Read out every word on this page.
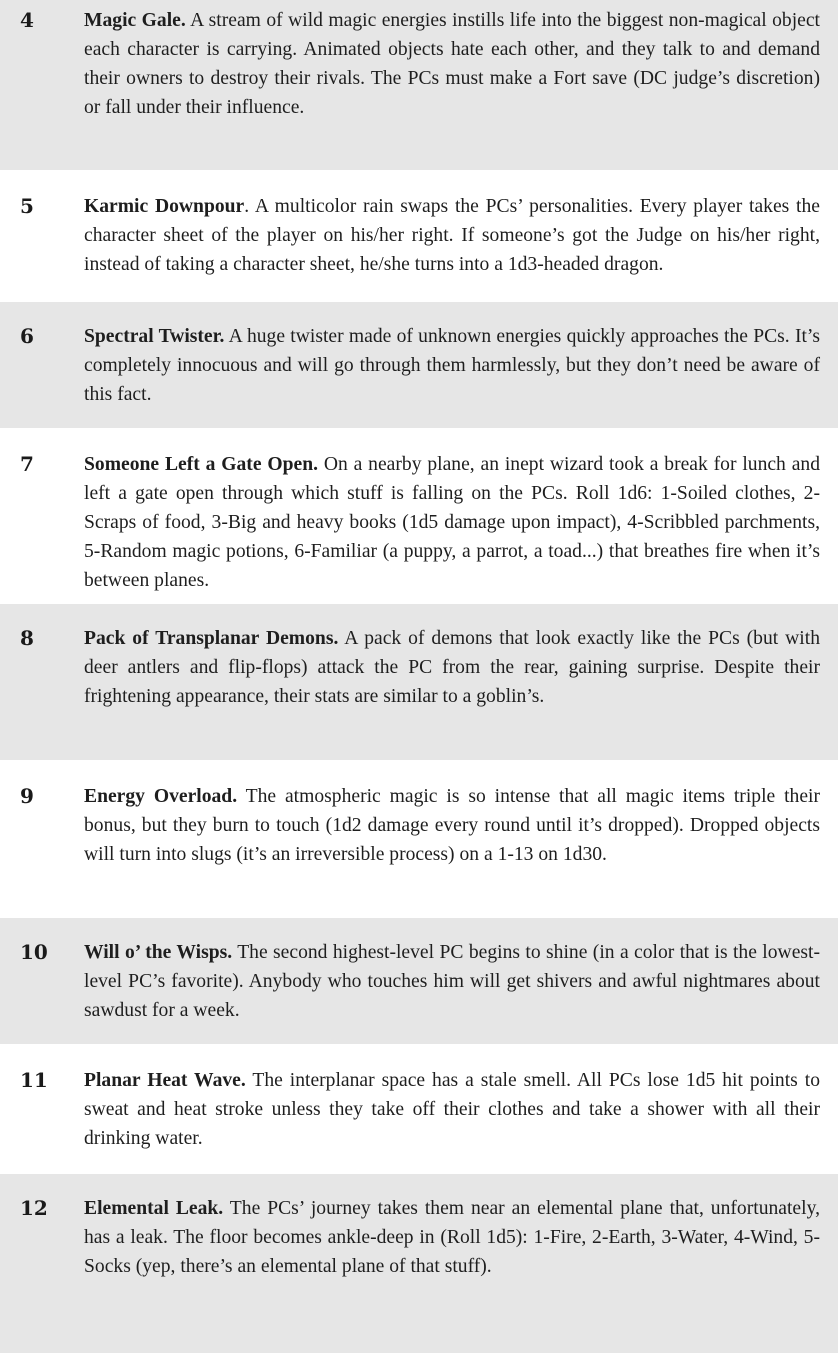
4	Magic Gale. A stream of wild magic energies instills life into the biggest non-magical object each character is carrying. Animated objects hate each other, and they talk to and demand their owners to destroy their rivals. The PCs must make a Fort save (DC judge’s discretion) or fall under their influence.
5	Karmic Downpour. A multicolor rain swaps the PCs’ personalities. Every player takes the character sheet of the player on his/her right. If someone’s got the Judge on his/her right, instead of taking a character sheet, he/she turns into a 1d3-headed dragon.
6	Spectral Twister. A huge twister made of unknown energies quickly approaches the PCs. It’s completely innocuous and will go through them harmlessly, but they don’t need be aware of this fact.
7	Someone Left a Gate Open. On a nearby plane, an inept wizard took a break for lunch and left a gate open through which stuff is falling on the PCs. Roll 1d6: 1-Soiled clothes, 2-Scraps of food, 3-Big and heavy books (1d5 damage upon impact), 4-Scribbled parchments, 5-Random magic potions, 6-Familiar (a puppy, a parrot, a toad...) that breathes fire when it’s between planes.
8	Pack of Transplanar Demons. A pack of demons that look exactly like the PCs (but with deer antlers and flip-flops) attack the PC from the rear, gaining surprise. Despite their frightening appearance, their stats are similar to a goblin’s.
9	Energy Overload. The atmospheric magic is so intense that all magic items triple their bonus, but they burn to touch (1d2 damage every round until it’s dropped). Dropped objects will turn into slugs (it’s an irreversible process) on a 1-13 on 1d30.
10	Will o’ the Wisps. The second highest-level PC begins to shine (in a color that is the lowest-level PC’s favorite). Anybody who touches him will get shivers and awful nightmares about sawdust for a week.
11	Planar Heat Wave. The interplanar space has a stale smell. All PCs lose 1d5 hit points to sweat and heat stroke unless they take off their clothes and take a shower with all their drinking water.
12	Elemental Leak. The PCs’ journey takes them near an elemental plane that, unfortunately, has a leak. The floor becomes ankle-deep in (Roll 1d5): 1-Fire, 2-Earth, 3-Water, 4-Wind, 5-Socks (yep, there’s an elemental plane of that stuff).
